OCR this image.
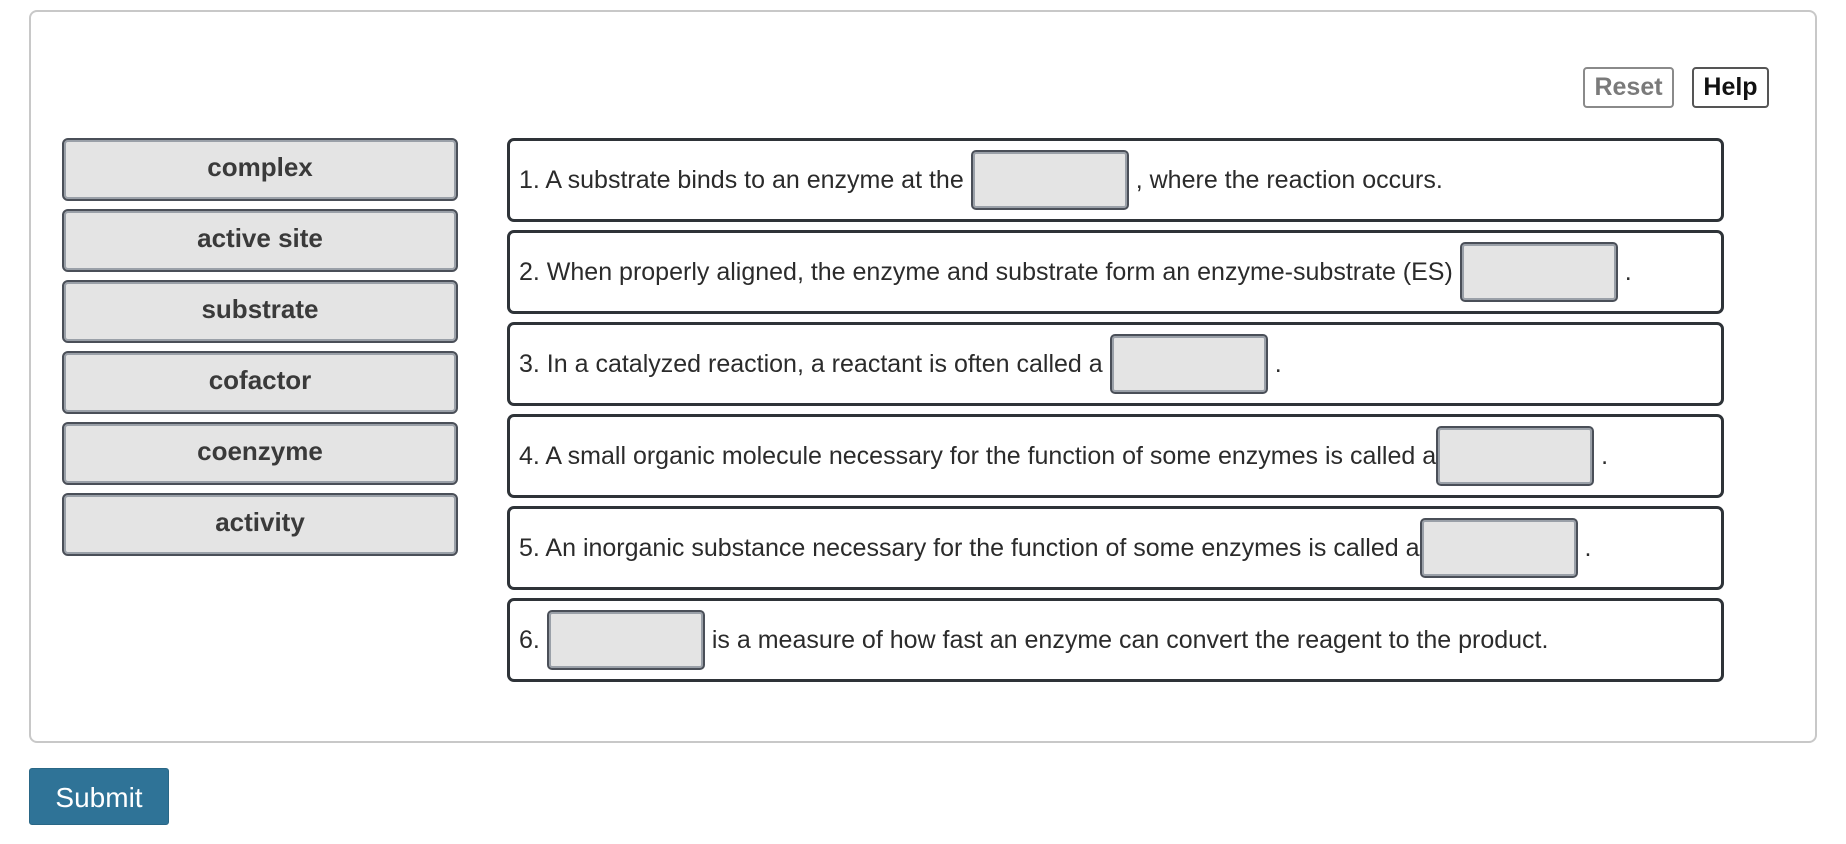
Reset	Help
complex
active site
substrate
cofactor
coenzyme
activity
1. A substrate binds to an enzyme at the	, where the reaction occurs.
2. When properly aligned, the enzyme and substrate form an enzyme-substrate (ES)	.
3. In a catalyzed reaction, a reactant is often called a	.
4. A small organic molecule necessary for the function of some enzymes is called a	.
5. An inorganic substance necessary for the function of some enzymes is called a	.
6.	is a measure of how fast an enzyme can convert the reagent to the product.
Submit
